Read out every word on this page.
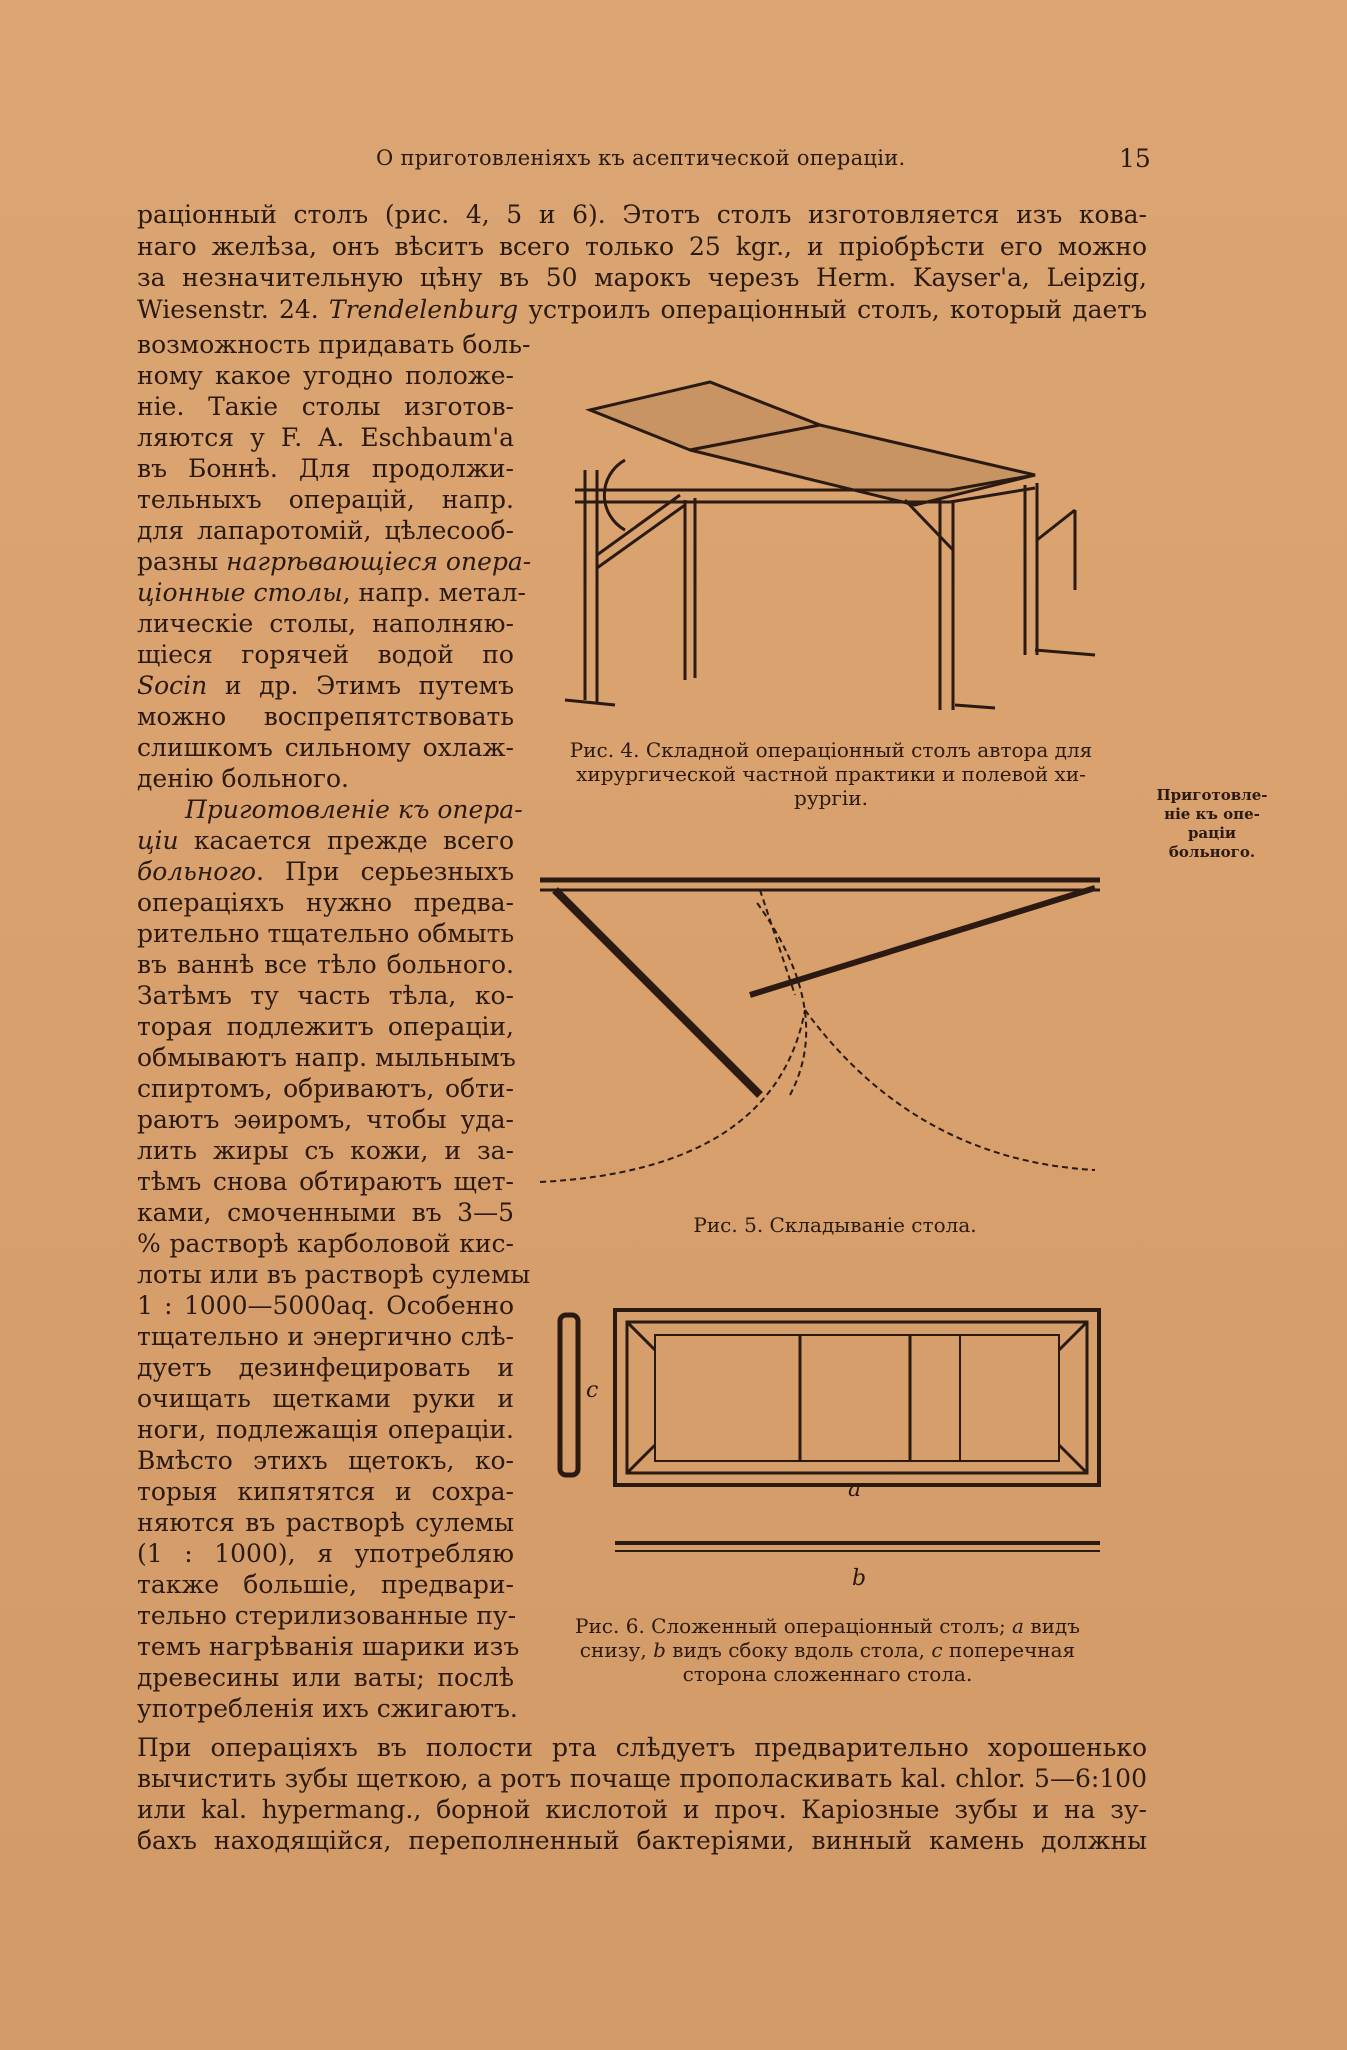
О приготовленіяхъ къ асептической операціи.	15
раціонный столъ (рис. 4, 5 и 6). Этотъ столъ изготовляется изъ кова-
наго желѣза, онъ вѣситъ всего только 25 kgr., и пріобрѣсти его можно
за незначительную цѣну въ 50 марокъ черезъ Herm. Kayser'a, Leipzig,
Wiesenstr. 24. Trendelenburg устроилъ операціонный столъ, который даетъ
возможность придавать боль-
ному какое угодно положе-
ніе. Такіе столы изготов-
ляются у F. A. Eschbaum'a
въ Боннѣ. Для продолжи-
тельныхъ операцій, напр.
для лапаротомій, цѣлесооб-
разны нагрѣвающіеся опера-
ціонные столы, напр. метал-
лическіе столы, наполняю-
щіеся горячей водой по
Socin и др. Этимъ путемъ
можно воспрепятствовать
слишкомъ сильному охлаж-
денію больного.
Приготовленіе къ опера-
ціи касается прежде всего
больного. При серьезныхъ
операціяхъ нужно предва-
рительно тщательно обмыть
въ ваннѣ все тѣло больного.
Затѣмъ ту часть тѣла, ко-
торая подлежитъ операціи,
обмываютъ напр. мыльнымъ
спиртомъ, обриваютъ, обти-
раютъ эѳиромъ, чтобы уда-
лить жиры съ кожи, и за-
тѣмъ снова обтираютъ щет-
ками, смоченными въ 3—5
% растворѣ карболовой кис-
лоты или въ растворѣ сулемы
1 : 1000—5000aq. Особенно
тщательно и энергично слѣ-
дуетъ дезинфецировать и
очищать щетками руки и
ноги, подлежащія операціи.
Вмѣсто этихъ щетокъ, ко-
торыя кипятятся и сохра-
няются въ растворѣ сулемы
(1 : 1000), я употребляю
также большіе, предвари-
тельно стерилизованные пу-
темъ нагрѣванія шарики изъ
древесины или ваты; послѣ
употребленія ихъ сжигаютъ.
При операціяхъ въ полости рта слѣдуетъ предварительно хорошенько
вычистить зубы щеткою, а ротъ почаще прополаскивать kal. chlor. 5—6:100
или kal. hypermang., борной кислотой и проч. Каріозные зубы и на зу-
бахъ находящійся, переполненный бактеріями, винный камень должны
Рис. 4. Складной операціонный столъ автора для
хирургической частной практики и полевой хи-
рургіи.
Рис. 5. Складываніе стола.
c
a
b
Рис. 6. Сложенный операціонный столъ; a видъ
снизу, b видъ сбоку вдоль стола, c поперечная
сторона сложеннаго стола.
Приготовле-
ніе къ опе-
раціи
больного.
